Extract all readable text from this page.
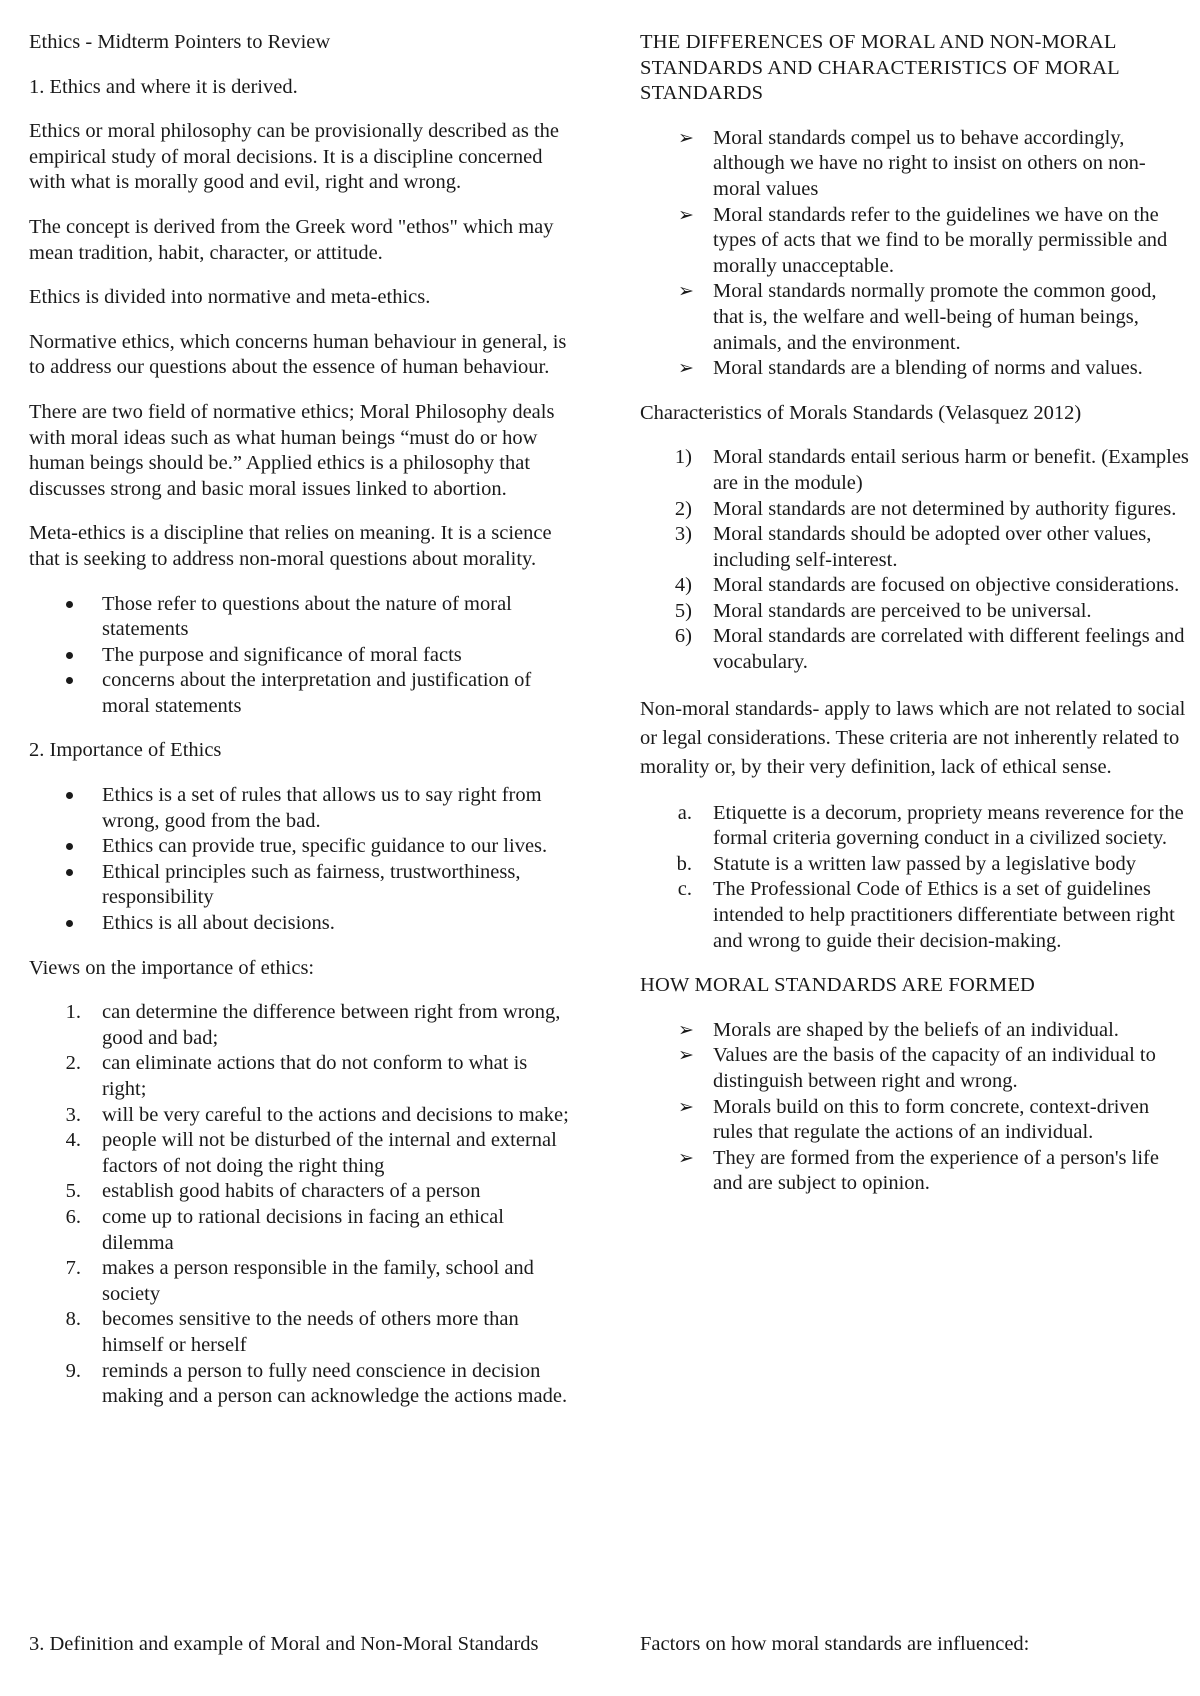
Ethics - Midterm Pointers to Review

1. Ethics and where it is derived.

Ethics or moral philosophy can be provisionally described as the empirical study of moral decisions. It is a discipline concerned with what is morally good and evil, right and wrong.

The concept is derived from the Greek word "ethos" which may mean tradition, habit, character, or attitude.

Ethics is divided into normative and meta-ethics.

Normative ethics, which concerns human behaviour in general, is to address our questions about the essence of human behaviour.

There are two field of normative ethics; Moral Philosophy deals with moral ideas such as what human beings “must do or how human beings should be.” Applied ethics is a philosophy that discusses strong and basic moral issues linked to abortion.

Meta-ethics is a discipline that relies on meaning. It is a science that is seeking to address non-moral questions about morality.

Those refer to questions about the nature of moral statements
The purpose and significance of moral facts
concerns about the interpretation and justification of moral statements

2. Importance of Ethics

Ethics is a set of rules that allows us to say right from wrong, good from the bad.
Ethics can provide true, specific guidance to our lives.
Ethical principles such as fairness, trustworthiness, responsibility
Ethics is all about decisions.

Views on the importance of ethics:

1. can determine the difference between right from wrong, good and bad;
2. can eliminate actions that do not conform to what is right;
3. will be very careful to the actions and decisions to make;
4. people will not be disturbed of the internal and external factors of not doing the right thing
5. establish good habits of characters of a person
6. come up to rational decisions in facing an ethical dilemma
7. makes a person responsible in the family, school and society
8. becomes sensitive to the needs of others more than himself or herself
9. reminds a person to fully need conscience in decision making and a person can acknowledge the actions made.

3. Definition and example of Moral and Non-Moral Standards

THE DIFFERENCES OF MORAL AND NON-MORAL STANDARDS AND CHARACTERISTICS OF MORAL STANDARDS

➢ Moral standards compel us to behave accordingly, although we have no right to insist on others on non-moral values
➢ Moral standards refer to the guidelines we have on the types of acts that we find to be morally permissible and morally unacceptable.
➢ Moral standards normally promote the common good, that is, the welfare and well-being of human beings, animals, and the environment.
➢ Moral standards are a blending of norms and values.

Characteristics of Morals Standards (Velasquez 2012)

1) Moral standards entail serious harm or benefit. (Examples are in the module)
2) Moral standards are not determined by authority figures.
3) Moral standards should be adopted over other values, including self-interest.
4) Moral standards are focused on objective considerations.
5) Moral standards are perceived to be universal.
6) Moral standards are correlated with different feelings and vocabulary.

Non-moral standards- apply to laws which are not related to social or legal considerations. These criteria are not inherently related to morality or, by their very definition, lack of ethical sense.

a. Etiquette is a decorum, propriety means reverence for the formal criteria governing conduct in a civilized society.
b. Statute is a written law passed by a legislative body
c. The Professional Code of Ethics is a set of guidelines intended to help practitioners differentiate between right and wrong to guide their decision-making.

HOW MORAL STANDARDS ARE FORMED

➢ Morals are shaped by the beliefs of an individual.
➢ Values are the basis of the capacity of an individual to distinguish between right and wrong.
➢ Morals build on this to form concrete, context-driven rules that regulate the actions of an individual.
➢ They are formed from the experience of a person's life and are subject to opinion.

Factors on how moral standards are influenced:
